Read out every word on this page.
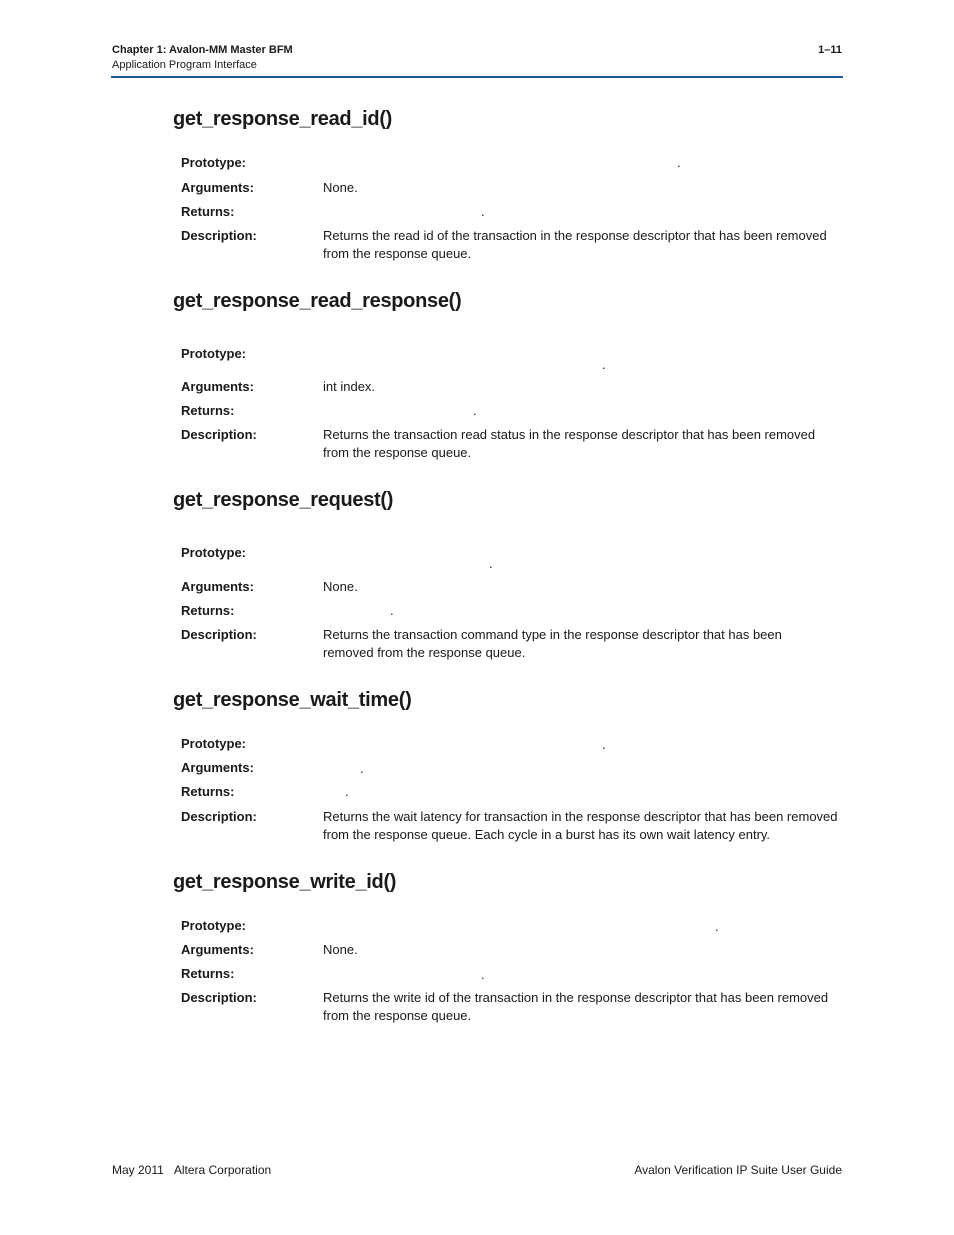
Chapter 1: Avalon-MM Master BFM
Application Program Interface
1–11
get_response_read_id()
Prototype:	.
Arguments:	None.
Returns:	.
Description:	Returns the read id of the transaction in the response descriptor that has been removed from the response queue.
get_response_read_response()
Prototype:
.
Arguments:	int index.
Returns:	.
Description:	Returns the transaction read status in the response descriptor that has been removed from the response queue.
get_response_request()
Prototype:
.
Arguments:	None.
Returns:	.
Description:	Returns the transaction command type in the response descriptor that has been removed from the response queue.
get_response_wait_time()
Prototype:	.
Arguments:	.
Returns:	.
Description:	Returns the wait latency for transaction in the response descriptor that has been removed from the response queue. Each cycle in a burst has its own wait latency entry.
get_response_write_id()
Prototype:	.
Arguments:	None.
Returns:	.
Description:	Returns the write id of the transaction in the response descriptor that has been removed from the response queue.
May 2011 Altera Corporation	Avalon Verification IP Suite User Guide
